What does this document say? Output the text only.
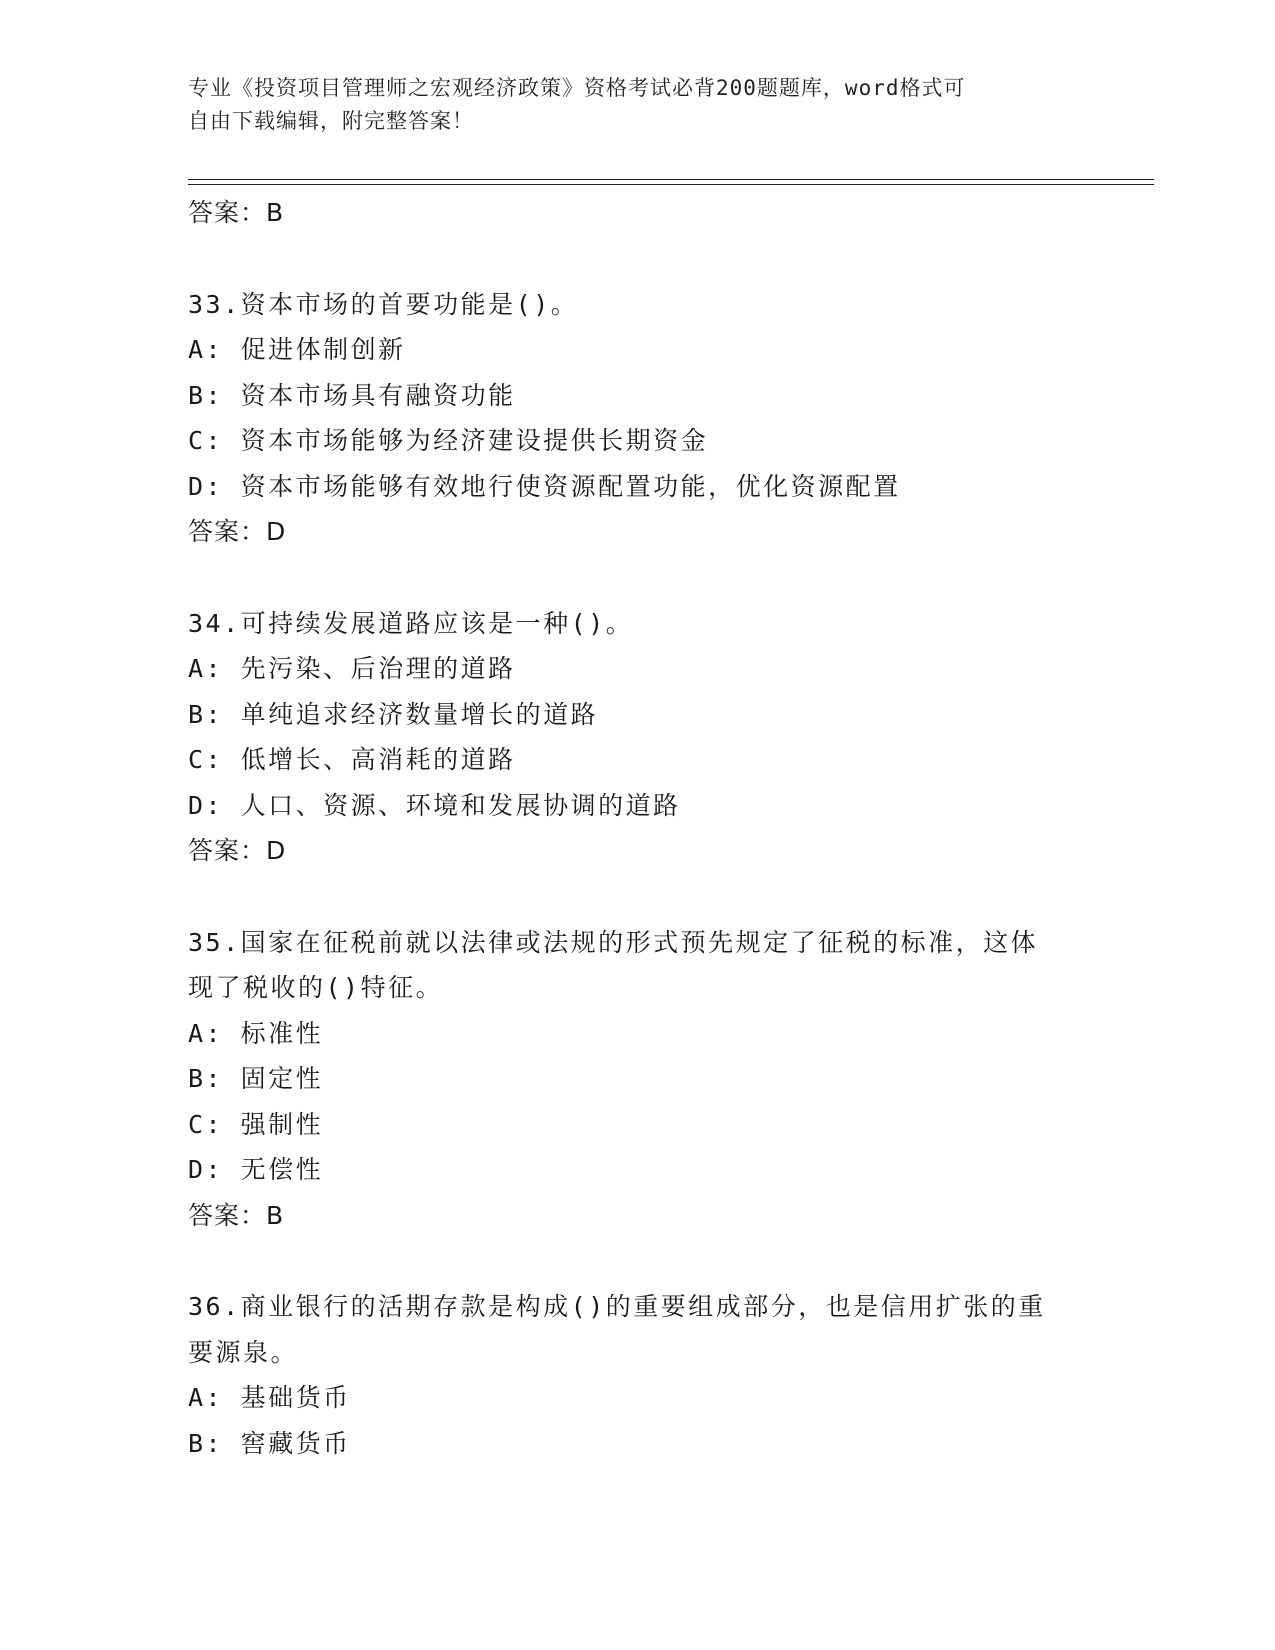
专业《投资项目管理师之宏观经济政策》资格考试必背200题题库，word格式可
自由下载编辑，附完整答案！
答案：B
33.资本市场的首要功能是()。
A: 促进体制创新
B: 资本市场具有融资功能
C: 资本市场能够为经济建设提供长期资金
D: 资本市场能够有效地行使资源配置功能，优化资源配置
答案：D
34.可持续发展道路应该是一种()。
A: 先污染、后治理的道路
B: 单纯追求经济数量增长的道路
C: 低增长、高消耗的道路
D: 人口、资源、环境和发展协调的道路
答案：D
35.国家在征税前就以法律或法规的形式预先规定了征税的标准，这体
现了税收的()特征。
A: 标准性
B: 固定性
C: 强制性
D: 无偿性
答案：B
36.商业银行的活期存款是构成()的重要组成部分，也是信用扩张的重
要源泉。
A: 基础货币
B: 窖藏货币
